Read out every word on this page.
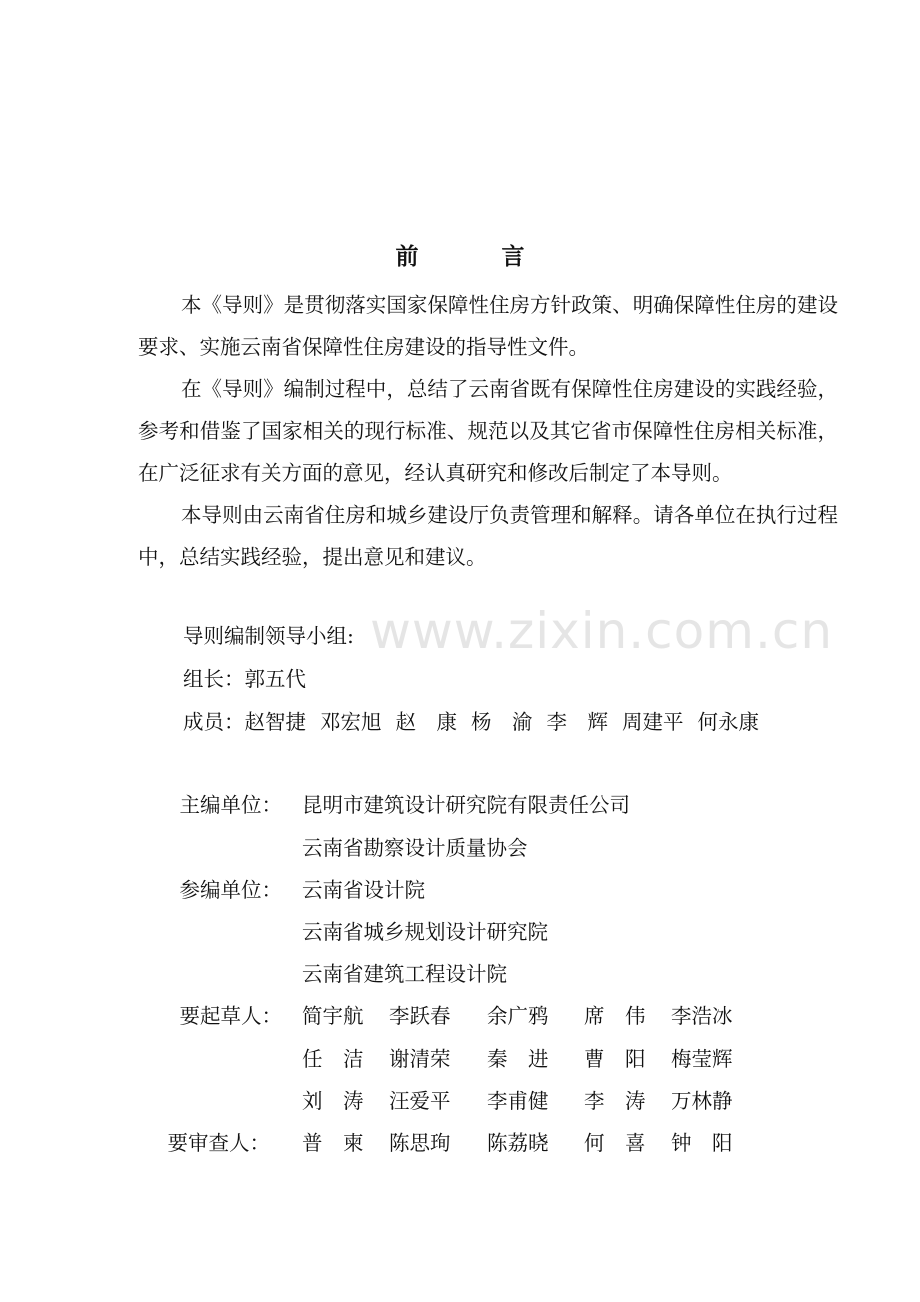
前　言

本《导则》是贯彻落实国家保障性住房方针政策、明确保障性住房的建设要求、实施云南省保障性住房建设的指导性文件。

在《导则》编制过程中，总结了云南省既有保障性住房建设的实践经验，参考和借鉴了国家相关的现行标准、规范以及其它省市保障性住房相关标准，在广泛征求有关方面的意见，经认真研究和修改后制定了本导则。

本导则由云南省住房和城乡建设厅负责管理和解释。请各单位在执行过程中，总结实践经验，提出意见和建议。

导则编制领导小组:
组长：郭五代
成员：赵智捷 邓宏旭 赵　康 杨　渝 李　辉 周建平 何永康
主编单位： 昆明市建筑设计研究院有限责任公司
云南省勘察设计质量协会
参编单位： 云南省设计院
云南省城乡规划设计研究院
云南省建筑工程设计院
要起草人： 简宇航 李跃春 余广鸦 席　伟 李浩冰
任　洁 谢清荣 秦　进 曹　阳 梅莹辉
刘　涛 汪爱平 李甫健 李　涛 万林静
要审查人： 普　柬 陈思珣 陈荔晓 何　喜 钟　阳
www.zixin.com.cn
